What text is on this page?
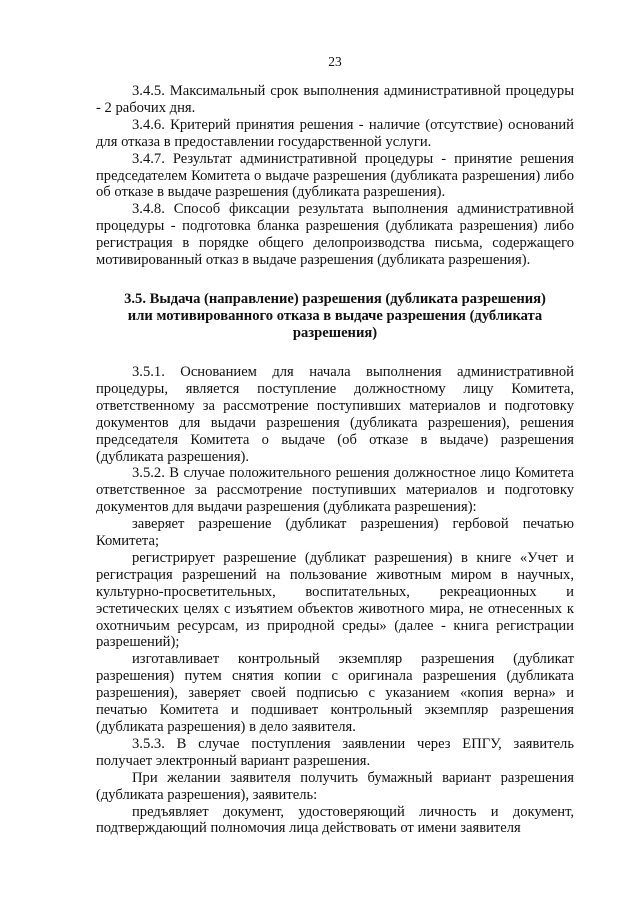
23

3.4.5. Максимальный срок выполнения административной процедуры - 2 рабочих дня.

3.4.6. Критерий принятия решения - наличие (отсутствие) оснований для отказа в предоставлении государственной услуги.

3.4.7. Результат административной процедуры - принятие решения председателем Комитета о выдаче разрешения (дубликата разрешения) либо об отказе в выдаче разрешения (дубликата разрешения).

3.4.8. Способ фиксации результата выполнения административной процедуры - подготовка бланка разрешения (дубликата разрешения) либо регистрация в порядке общего делопроизводства письма, содержащего мотивированный отказ в выдаче разрешения (дубликата разрешения).

3.5. Выдача (направление) разрешения (дубликата разрешения) или мотивированного отказа в выдаче разрешения (дубликата разрешения)

3.5.1. Основанием для начала выполнения административной процедуры, является поступление должностному лицу Комитета, ответственному за рассмотрение поступивших материалов и подготовку документов для выдачи разрешения (дубликата разрешения), решения председателя Комитета о выдаче (об отказе в выдаче) разрешения (дубликата разрешения).

3.5.2. В случае положительного решения должностное лицо Комитета ответственное за рассмотрение поступивших материалов и подготовку документов для выдачи разрешения (дубликата разрешения):

заверяет разрешение (дубликат разрешения) гербовой печатью Комитета;

регистрирует разрешение (дубликат разрешения) в книге «Учет и регистрация разрешений на пользование животным миром в научных, культурно-просветительных, воспитательных, рекреационных и эстетических целях с изъятием объектов животного мира, не отнесенных к охотничьим ресурсам, из природной среды» (далее - книга регистрации разрешений);

изготавливает контрольный экземпляр разрешения (дубликат разрешения) путем снятия копии с оригинала разрешения (дубликата разрешения), заверяет своей подписью с указанием «копия верна» и печатью Комитета и подшивает контрольный экземпляр разрешения (дубликата разрешения) в дело заявителя.

3.5.3. В случае поступления заявлении через ЕПГУ, заявитель получает электронный вариант разрешения.

При желании заявителя получить бумажный вариант разрешения (дубликата разрешения), заявитель:

предъявляет документ, удостоверяющий личность и документ, подтверждающий полномочия лица действовать от имени заявителя
